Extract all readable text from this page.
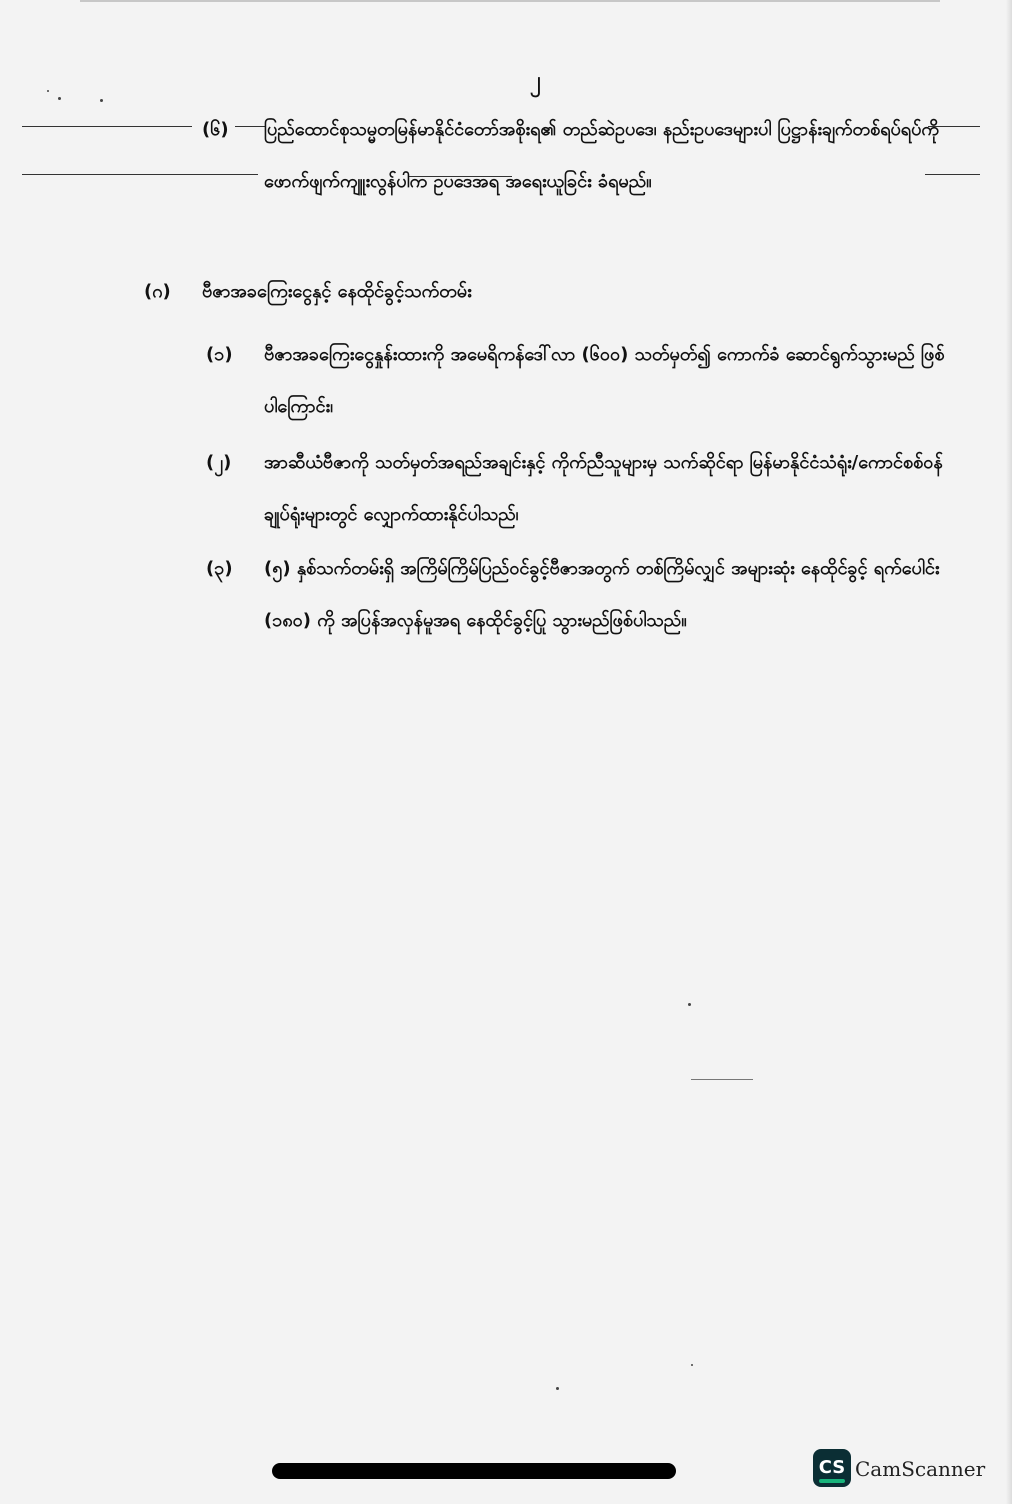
၂
(၆) ပြည်ထောင်စုသမ္မတမြန်မာနိုင်ငံတော်အစိုးရ၏ တည်ဆဲဥပဒေ၊ နည်းဥပဒေများပါ ပြဋ္ဌာန်းချက်တစ်ရပ်ရပ်ကို ဖောက်ဖျက်ကျူးလွန်ပါက ဥပဒေအရ အရေးယူခြင်း ခံရမည်။
(ဂ) ဗီဇာအခကြေးငွေနှင့် နေထိုင်ခွင့်သက်တမ်း
(၁) ဗီဇာအခကြေးငွေနှုန်းထားကို အမေရိကန်ဒေါ်လာ (၆၀၀) သတ်မှတ်၍ ကောက်ခံ ဆောင်ရွက်သွားမည် ဖြစ်ပါကြောင်း၊
(၂) အာဆီယံဗီဇာကို သတ်မှတ်အရည်အချင်းနှင့် ကိုက်ညီသူများမှ သက်ဆိုင်ရာ မြန်မာနိုင်ငံသံရုံး/ကောင်စစ်ဝန်ချုပ်ရုံးများတွင် လျှောက်ထားနိုင်ပါသည်၊
(၃) (၅) နှစ်သက်တမ်းရှိ အကြိမ်ကြိမ်ပြည်ဝင်ခွင့်ဗီဇာအတွက် တစ်ကြိမ်လျှင် အများဆုံး နေထိုင်ခွင့် ရက်ပေါင်း (၁၈၀) ကို အပြန်အလှန်မူအရ နေထိုင်ခွင့်ပြု သွားမည်ဖြစ်ပါသည်။
CS CamScanner
